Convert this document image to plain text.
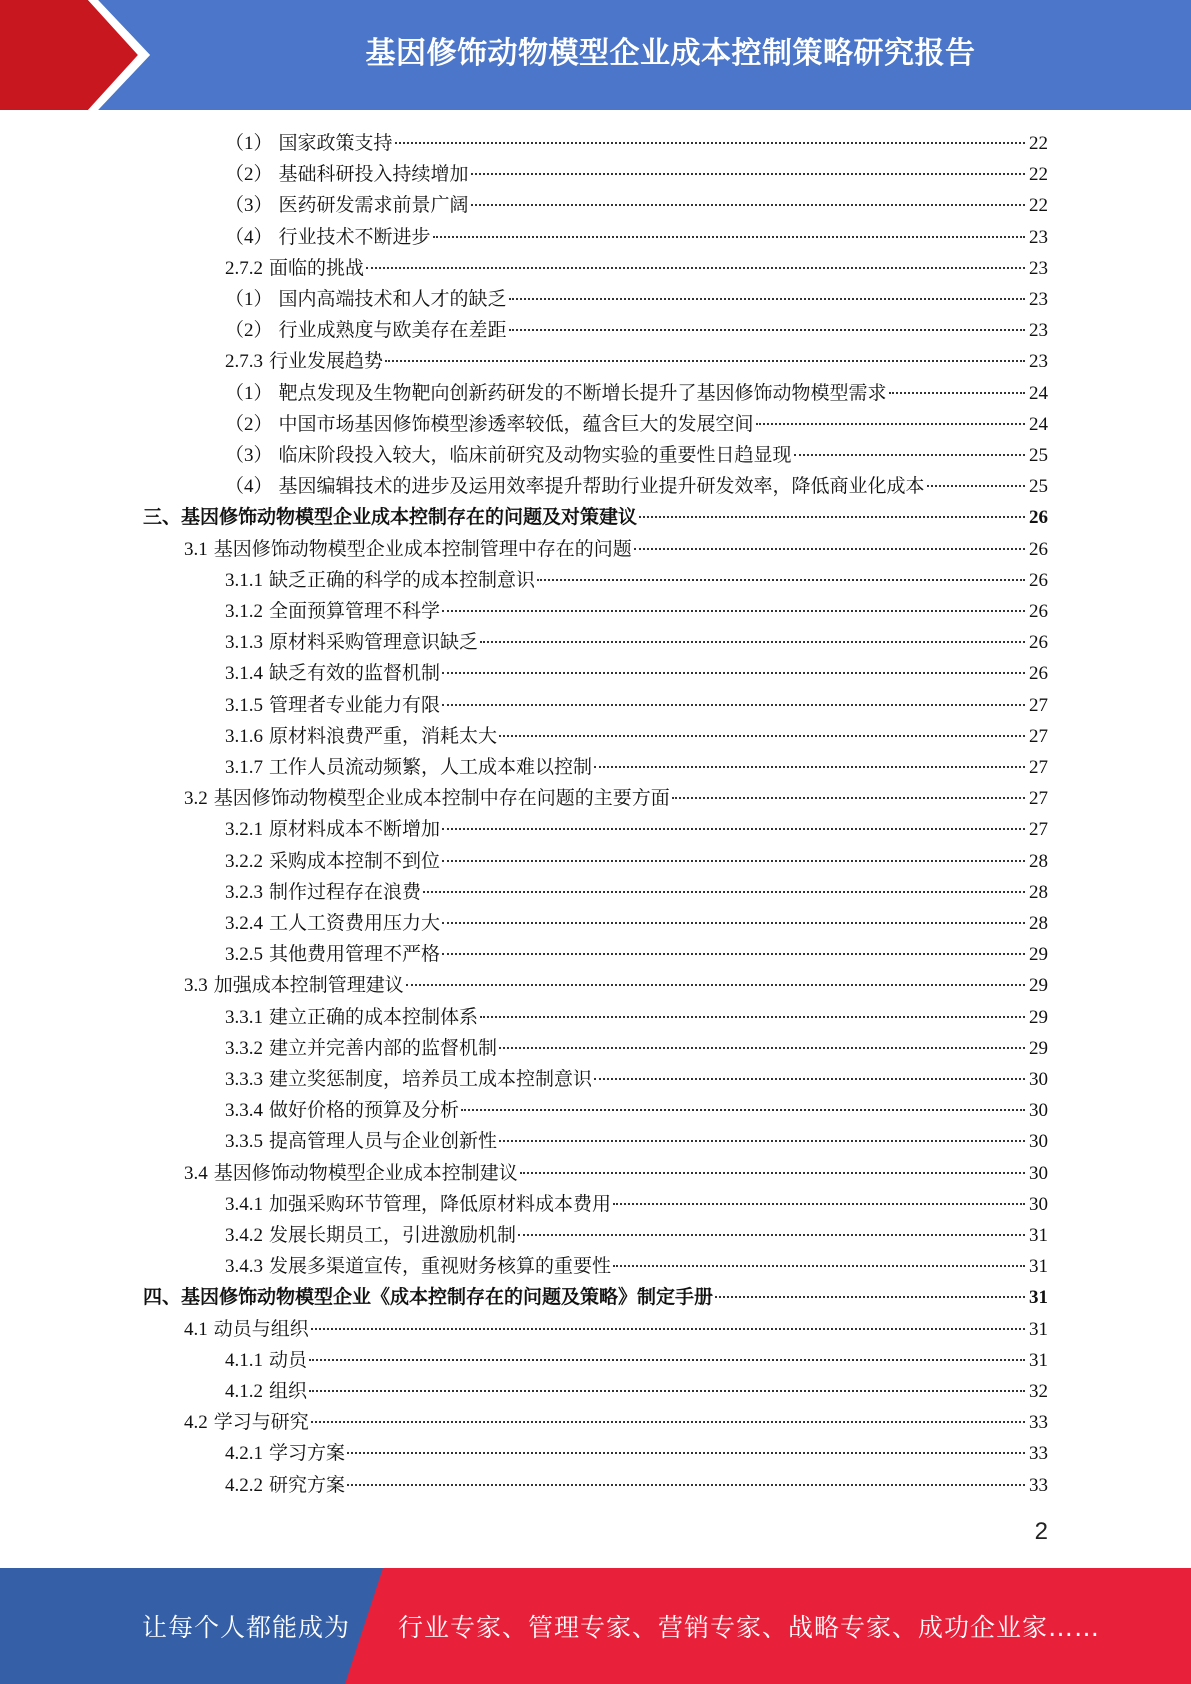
基因修饰动物模型企业成本控制策略研究报告
（1） 国家政策支持	22
（2） 基础科研投入持续增加	22
（3） 医药研发需求前景广阔	22
（4） 行业技术不断进步	23
2.7.2 面临的挑战	23
（1） 国内高端技术和人才的缺乏	23
（2） 行业成熟度与欧美存在差距	23
2.7.3 行业发展趋势	23
（1） 靶点发现及生物靶向创新药研发的不断增长提升了基因修饰动物模型需求	24
（2） 中国市场基因修饰模型渗透率较低，蕴含巨大的发展空间	24
（3） 临床阶段投入较大，临床前研究及动物实验的重要性日趋显现	25
（4） 基因编辑技术的进步及运用效率提升帮助行业提升研发效率，降低商业化成本	25
三、 基因修饰动物模型企业成本控制存在的问题及对策建议	26
3.1 基因修饰动物模型企业成本控制管理中存在的问题	26
3.1.1 缺乏正确的科学的成本控制意识	26
3.1.2 全面预算管理不科学	26
3.1.3 原材料采购管理意识缺乏	26
3.1.4 缺乏有效的监督机制	26
3.1.5 管理者专业能力有限	27
3.1.6 原材料浪费严重，消耗太大	27
3.1.7 工作人员流动频繁，人工成本难以控制	27
3.2 基因修饰动物模型企业成本控制中存在问题的主要方面	27
3.2.1 原材料成本不断增加	27
3.2.2 采购成本控制不到位	28
3.2.3 制作过程存在浪费	28
3.2.4 工人工资费用压力大	28
3.2.5 其他费用管理不严格	29
3.3 加强成本控制管理建议	29
3.3.1 建立正确的成本控制体系	29
3.3.2 建立并完善内部的监督机制	29
3.3.3 建立奖惩制度，培养员工成本控制意识	30
3.3.4 做好价格的预算及分析	30
3.3.5 提高管理人员与企业创新性	30
3.4 基因修饰动物模型企业成本控制建议	30
3.4.1 加强采购环节管理，降低原材料成本费用	30
3.4.2 发展长期员工，引进激励机制	31
3.4.3 发展多渠道宣传，重视财务核算的重要性	31
四、 基因修饰动物模型企业《成本控制存在的问题及策略》制定手册	31
4.1 动员与组织	31
4.1.1 动员	31
4.1.2 组织	32
4.2 学习与研究	33
4.2.1 学习方案	33
4.2.2 研究方案	33
2
让每个人都能成为 行业专家、管理专家、营销专家、战略专家、成功企业家……
